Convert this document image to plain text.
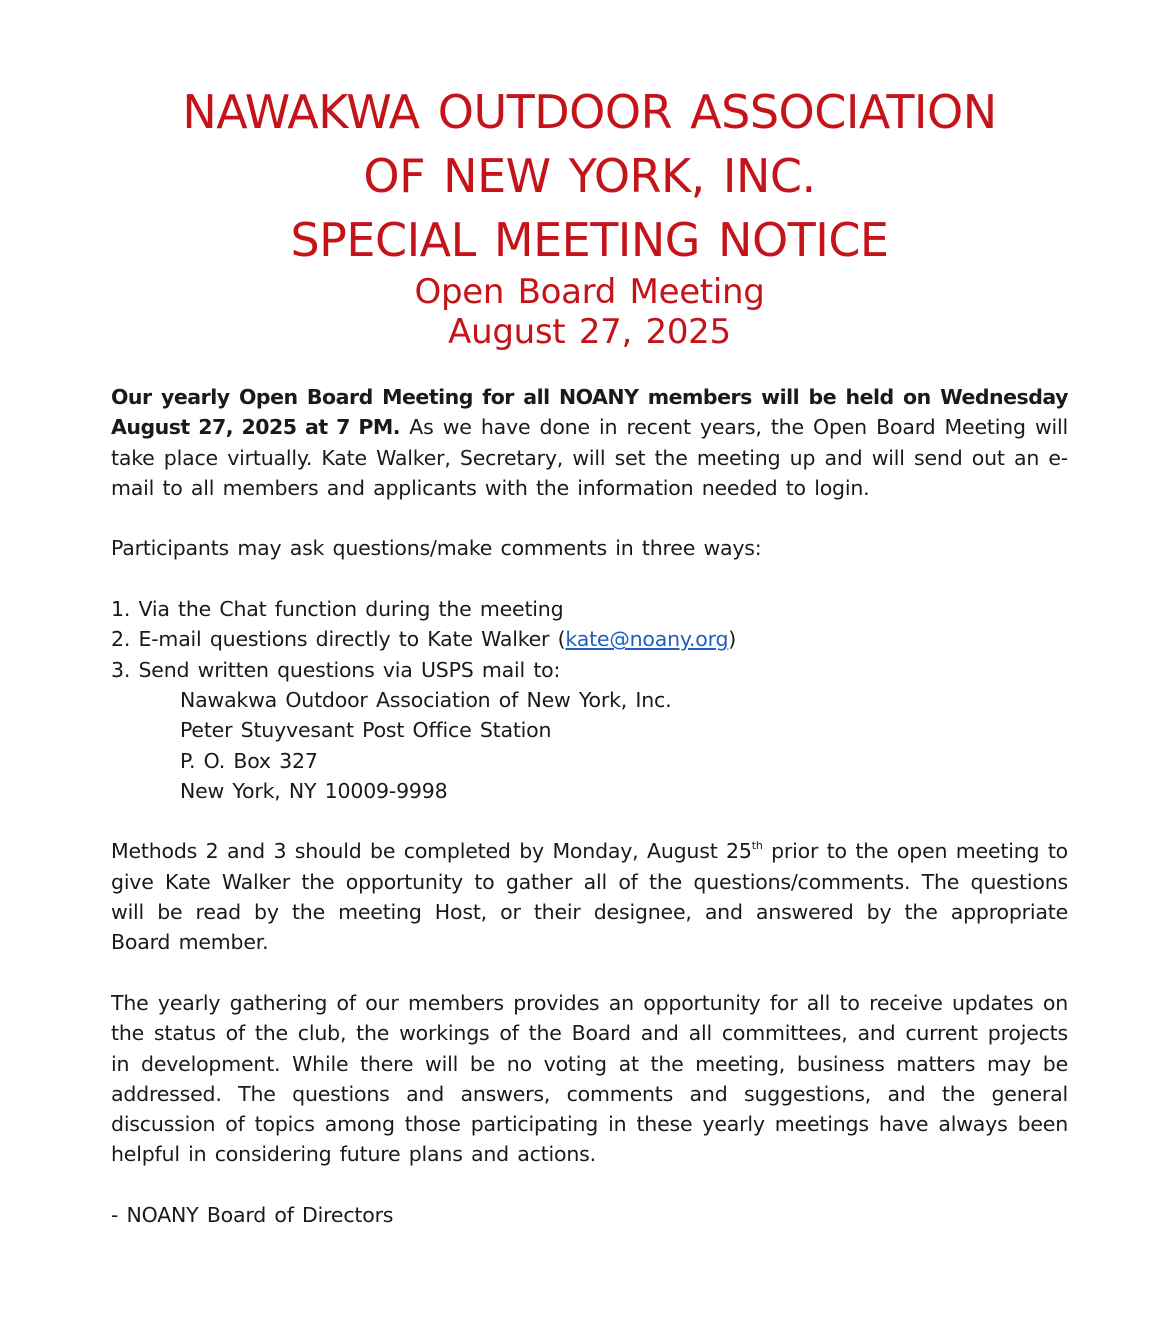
NAWAKWA OUTDOOR ASSOCIATION
OF NEW YORK, INC.
SPECIAL MEETING NOTICE
Open Board Meeting
August 27, 2025

Our yearly Open Board Meeting for all NOANY members will be held on Wednesday August 27, 2025 at 7 PM. As we have done in recent years, the Open Board Meeting will take place virtually. Kate Walker, Secretary, will set the meeting up and will send out an e-mail to all members and applicants with the information needed to login.

Participants may ask questions/make comments in three ways:

1. Via the Chat function during the meeting

2. E-mail questions directly to Kate Walker (kate@noany.org)

3. Send written questions via USPS mail to:

Nawakwa Outdoor Association of New York, Inc.

Peter Stuyvesant Post Office Station

P. O. Box 327

New York, NY 10009-9998

Methods 2 and 3 should be completed by Monday, August 25th prior to the open meeting to give Kate Walker the opportunity to gather all of the questions/comments. The questions will be read by the meeting Host, or their designee, and answered by the appropriate Board member.

The yearly gathering of our members provides an opportunity for all to receive updates on the status of the club, the workings of the Board and all committees, and current projects in development. While there will be no voting at the meeting, business matters may be addressed. The questions and answers, comments and suggestions, and the general discussion of topics among those participating in these yearly meetings have always been helpful in considering future plans and actions.

- NOANY Board of Directors
